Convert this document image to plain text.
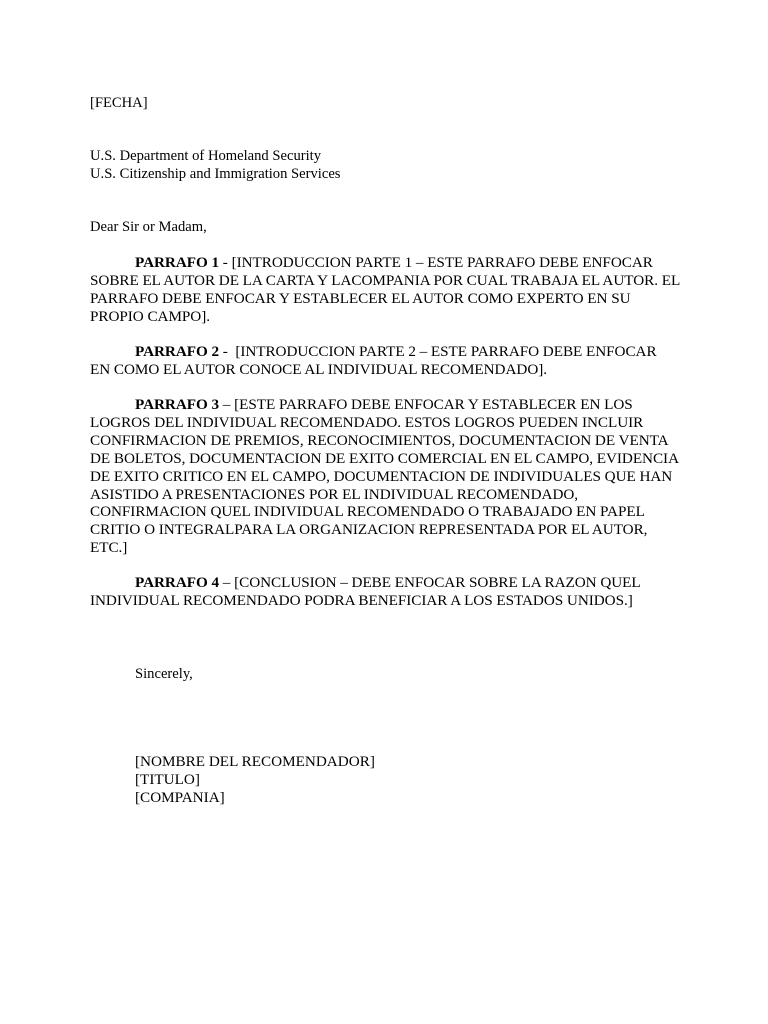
[FECHA]
U.S. Department of Homeland Security
U.S. Citizenship and Immigration Services
Dear Sir or Madam,
PARRAFO 1 - [INTRODUCCION PARTE 1 – ESTE PARRAFO DEBE ENFOCAR SOBRE EL AUTOR DE LA CARTA Y LACOMPANIA POR CUAL TRABAJA EL AUTOR. EL PARRAFO DEBE ENFOCAR Y ESTABLECER EL AUTOR COMO EXPERTO EN SU PROPIO CAMPO].
PARRAFO 2 -  [INTRODUCCION PARTE 2 – ESTE PARRAFO DEBE ENFOCAR EN COMO EL AUTOR CONOCE AL INDIVIDUAL RECOMENDADO].
PARRAFO 3 – [ESTE PARRAFO DEBE ENFOCAR Y ESTABLECER EN LOS LOGROS DEL INDIVIDUAL RECOMENDADO. ESTOS LOGROS PUEDEN INCLUIR CONFIRMACION DE PREMIOS, RECONOCIMIENTOS, DOCUMENTACION DE VENTA DE BOLETOS, DOCUMENTACION DE EXITO COMERCIAL EN EL CAMPO, EVIDENCIA DE EXITO CRITICO EN EL CAMPO, DOCUMENTACION DE INDIVIDUALES QUE HAN ASISTIDO A PRESENTACIONES POR EL INDIVIDUAL RECOMENDADO, CONFIRMACION QUEL INDIVIDUAL RECOMENDADO O TRABAJADO EN PAPEL CRITIO O INTEGRALPARA LA ORGANIZACION REPRESENTADA POR EL AUTOR, ETC.]
PARRAFO 4 – [CONCLUSION – DEBE ENFOCAR SOBRE LA RAZON QUEL INDIVIDUAL RECOMENDADO PODRA BENEFICIAR A LOS ESTADOS UNIDOS.]
Sincerely,
[NOMBRE DEL RECOMENDADOR]
[TITULO]
[COMPANIA]
